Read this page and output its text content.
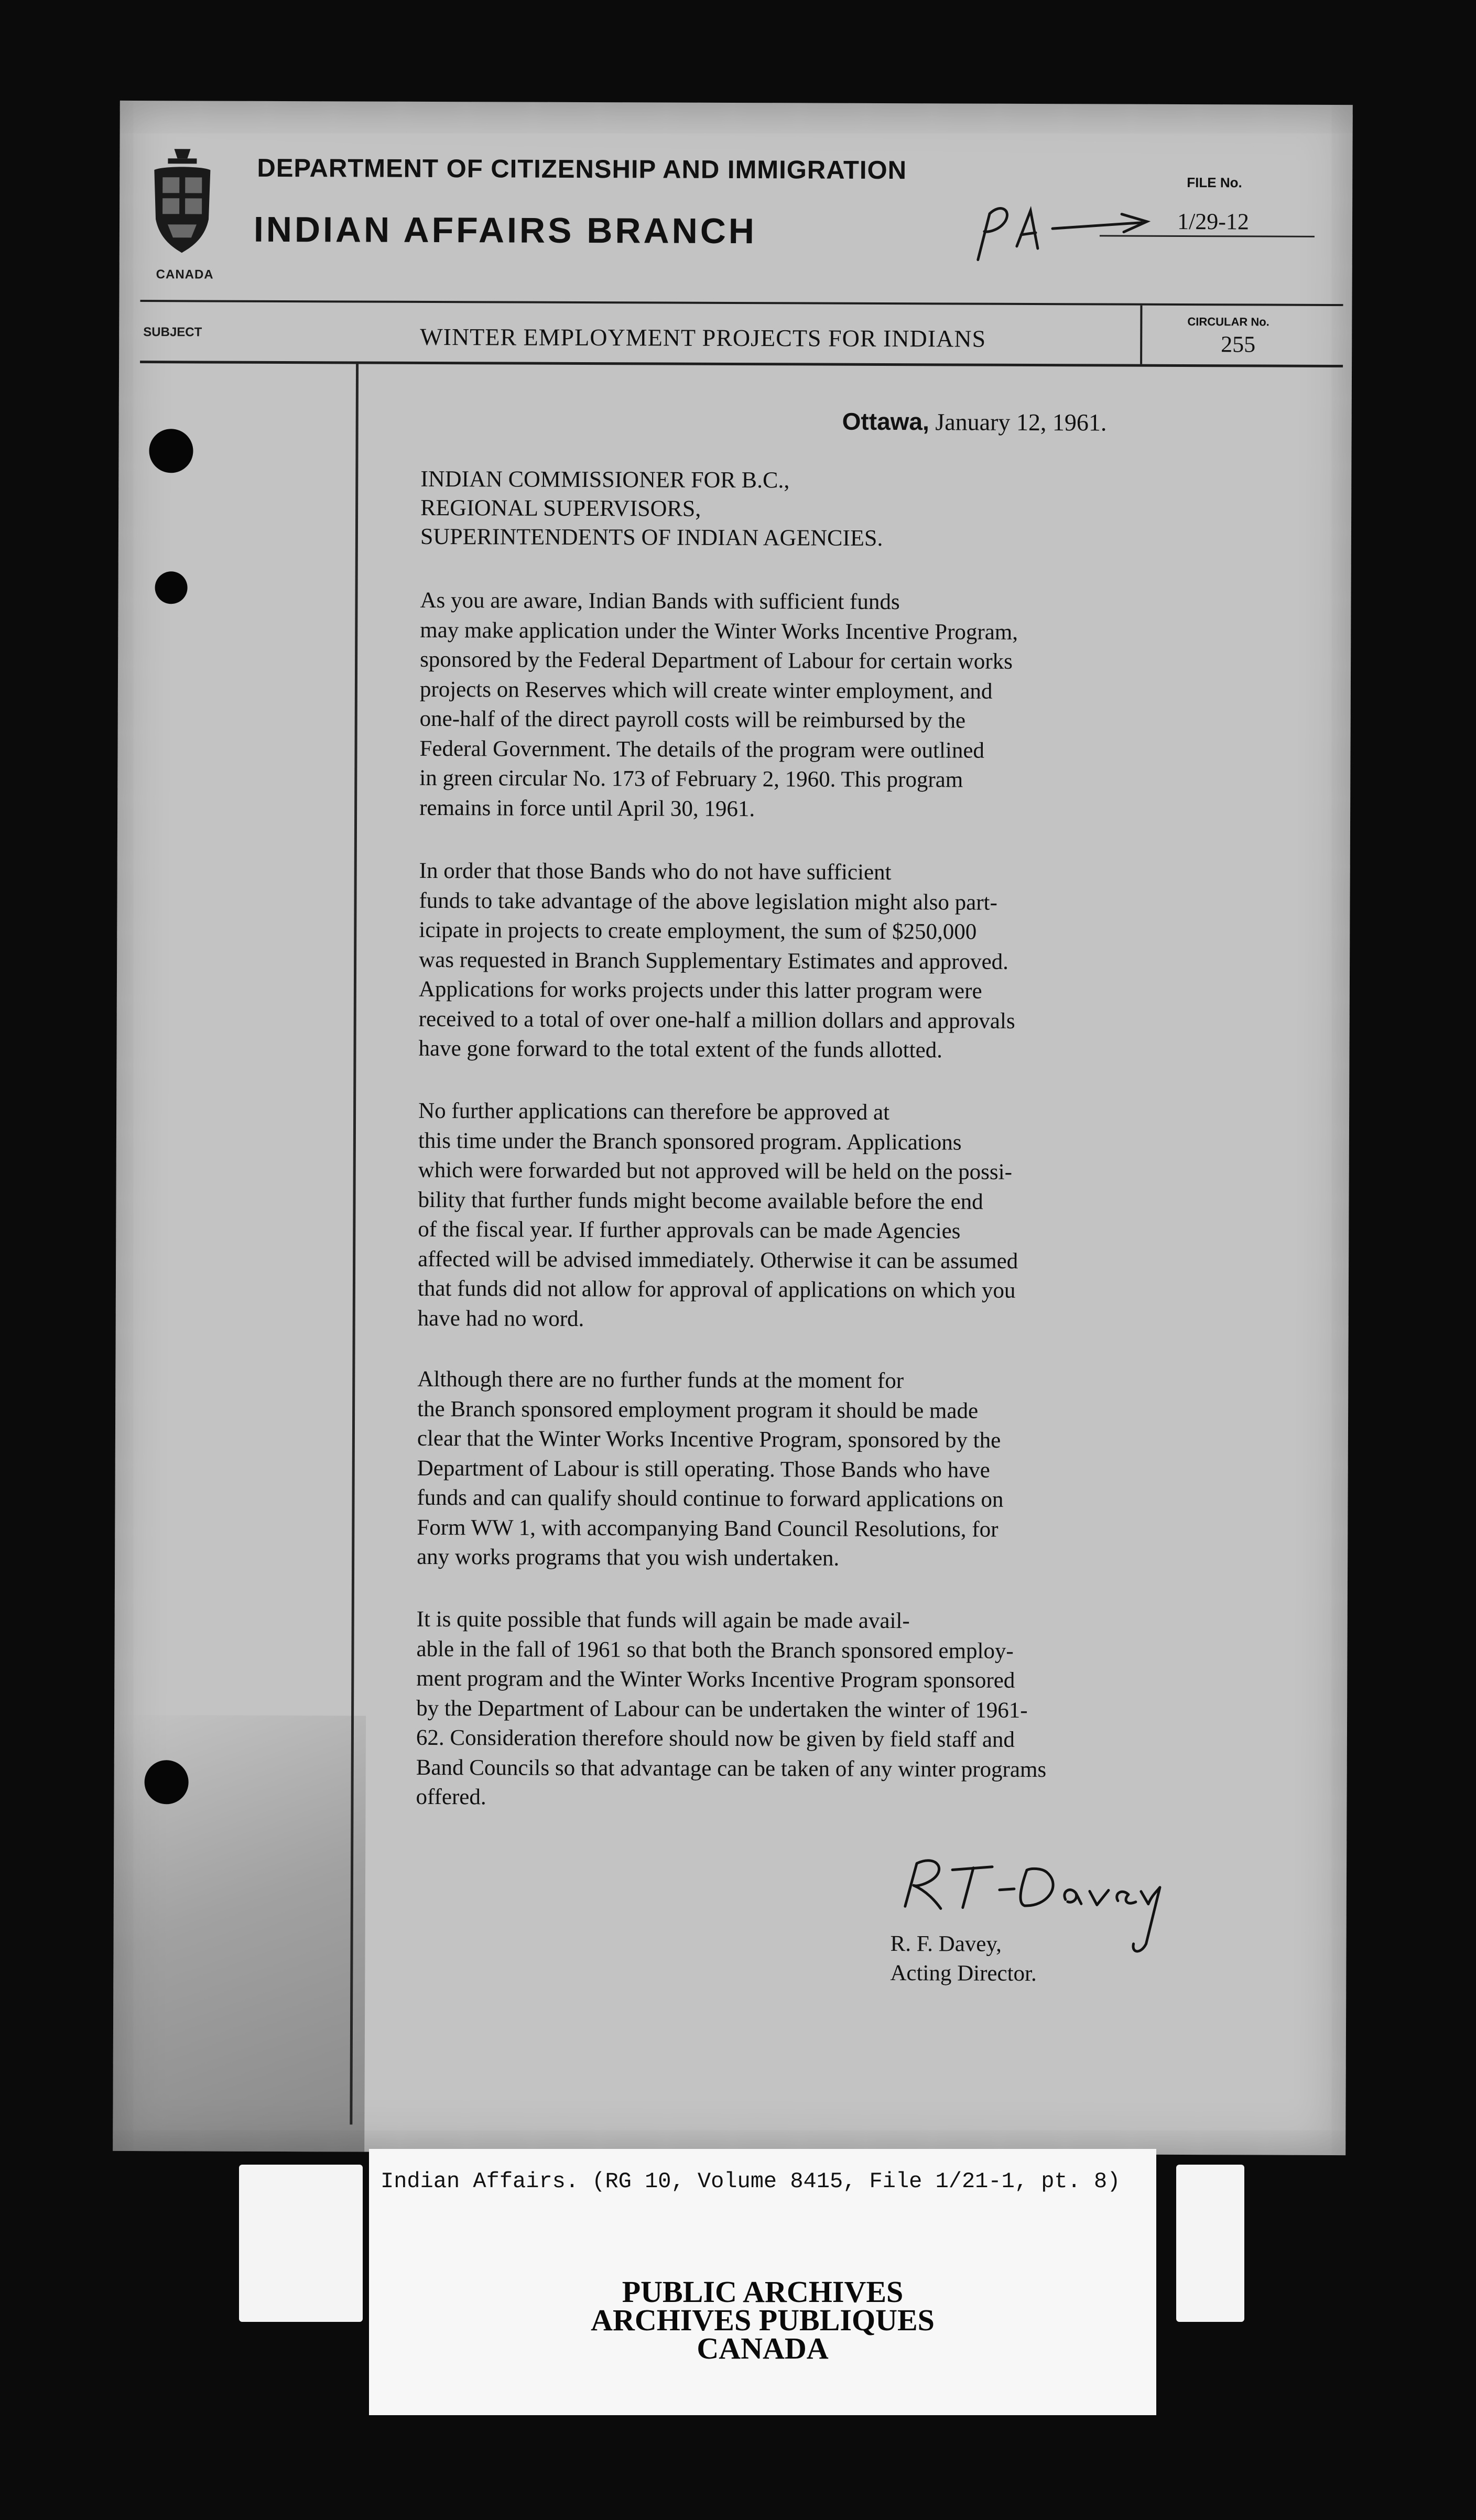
CANADA
DEPARTMENT OF CITIZENSHIP AND IMMIGRATION
INDIAN AFFAIRS BRANCH
FILE No.
1/29-12
SUBJECT	WINTER EMPLOYMENT PROJECTS FOR INDIANS
CIRCULAR No.
255
Ottawa, January 12, 1961.
INDIAN COMMISSIONER FOR B.C.,
REGIONAL SUPERVISORS,
SUPERINTENDENTS OF INDIAN AGENCIES.

As you are aware, Indian Bands with sufficient funds
may make application under the Winter Works Incentive Program,
sponsored by the Federal Department of Labour for certain works
projects on Reserves which will create winter employment, and
one-half of the direct payroll costs will be reimbursed by the
Federal Government. The details of the program were outlined
in green circular No. 173 of February 2, 1960. This program
remains in force until April 30, 1961.

In order that those Bands who do not have sufficient
funds to take advantage of the above legislation might also part-
icipate in projects to create employment, the sum of $250,000
was requested in Branch Supplementary Estimates and approved.
Applications for works projects under this latter program were
received to a total of over one-half a million dollars and approvals
have gone forward to the total extent of the funds allotted.

No further applications can therefore be approved at
this time under the Branch sponsored program. Applications
which were forwarded but not approved will be held on the possi-
bility that further funds might become available before the end
of the fiscal year. If further approvals can be made Agencies
affected will be advised immediately. Otherwise it can be assumed
that funds did not allow for approval of applications on which you
have had no word.

Although there are no further funds at the moment for
the Branch sponsored employment program it should be made
clear that the Winter Works Incentive Program, sponsored by the
Department of Labour is still operating. Those Bands who have
funds and can qualify should continue to forward applications on
Form WW 1, with accompanying Band Council Resolutions, for
any works programs that you wish undertaken.

It is quite possible that funds will again be made avail-
able in the fall of 1961 so that both the Branch sponsored employ-
ment program and the Winter Works Incentive Program sponsored
by the Department of Labour can be undertaken the winter of 1961-
62. Consideration therefore should now be given by field staff and
Band Councils so that advantage can be taken of any winter programs
offered.

R. F. Davey,
Acting Director.
Indian Affairs. (RG 10, Volume 8415, File 1/21-1, pt. 8)
PUBLIC ARCHIVES
ARCHIVES PUBLIQUES
CANADA
